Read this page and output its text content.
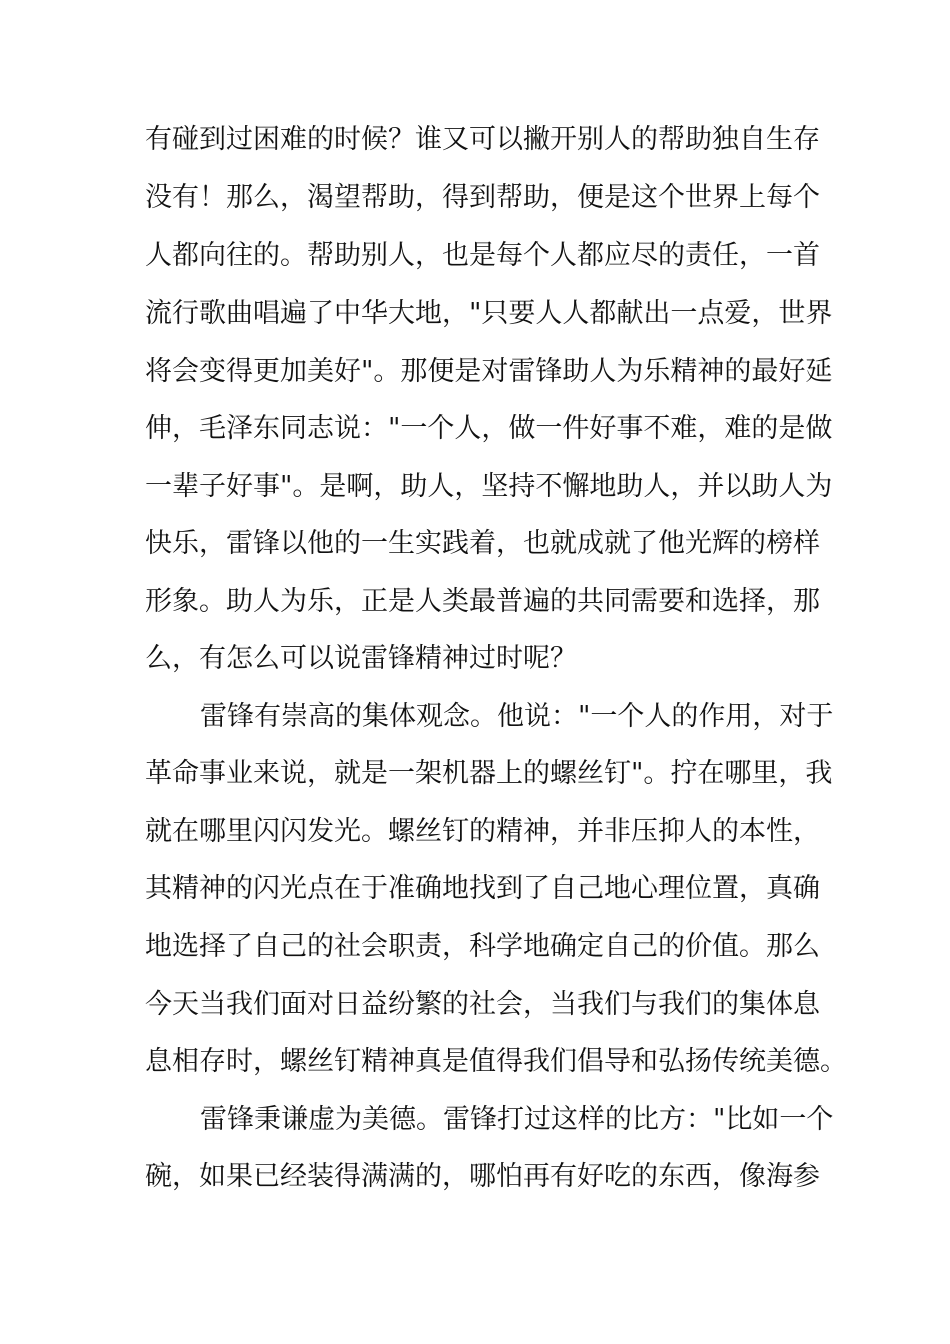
有碰到过困难的时候？谁又可以撇开别人的帮助独自生存
没有！那么，渴望帮助，得到帮助，便是这个世界上每个
人都向往的。帮助别人，也是每个人都应尽的责任，一首
流行歌曲唱遍了中华大地，"只要人人都献出一点爱，世界
将会变得更加美好"。那便是对雷锋助人为乐精神的最好延
伸，毛泽东同志说："一个人，做一件好事不难，难的是做
一辈子好事"。是啊，助人，坚持不懈地助人，并以助人为
快乐，雷锋以他的一生实践着，也就成就了他光辉的榜样
形象。助人为乐，正是人类最普遍的共同需要和选择，那
么，有怎么可以说雷锋精神过时呢？
雷锋有崇高的集体观念。他说："一个人的作用，对于
革命事业来说，就是一架机器上的螺丝钉"。拧在哪里，我
就在哪里闪闪发光。螺丝钉的精神，并非压抑人的本性，
其精神的闪光点在于准确地找到了自己地心理位置，真确
地选择了自己的社会职责，科学地确定自己的价值。那么
今天当我们面对日益纷繁的社会，当我们与我们的集体息
息相存时，螺丝钉精神真是值得我们倡导和弘扬传统美德。
雷锋秉谦虚为美德。雷锋打过这样的比方："比如一个
碗，如果已经装得满满的，哪怕再有好吃的东西，像海参
